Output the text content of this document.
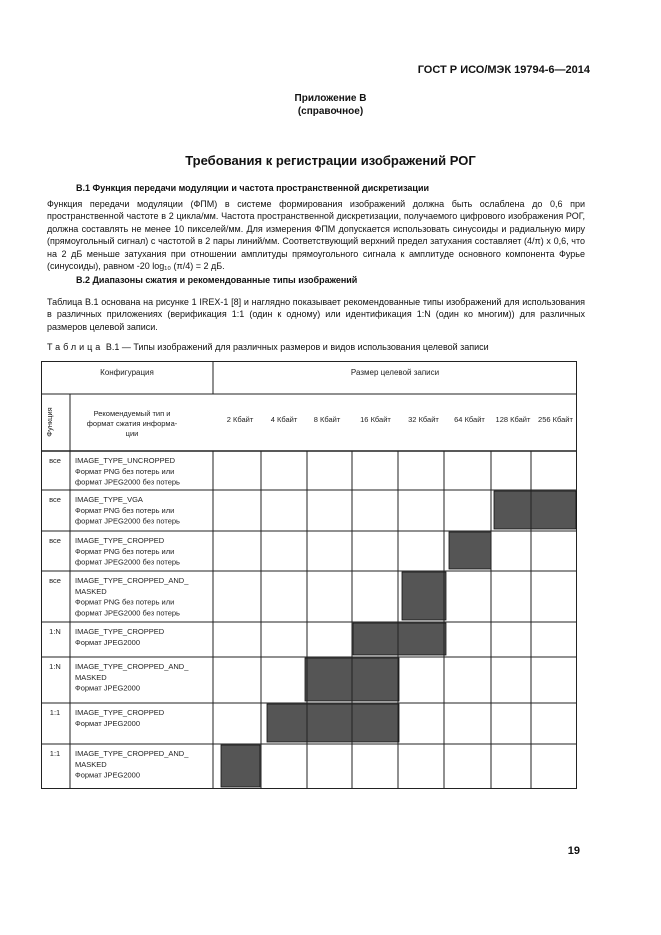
ГОСТ Р ИСО/МЭК 19794-6—2014
Приложение В
(справочное)
Требования к регистрации изображений РОГ
В.1 Функция передачи модуляции и частота пространственной дискретизации
Функция передачи модуляции (ФПМ) в системе формирования изображений должна быть ослаблена до 0,6 при пространственной частоте в 2 цикла/мм. Частота пространственной дискретизации, получаемого цифрового изображения РОГ, должна составлять не менее 10 пикселей/мм. Для измерения ФПМ допускается использовать синусоиды и радиальную миру (прямоугольный сигнал) с частотой в 2 пары линий/мм. Соответствующий верхний предел затухания составляет (4/π) х 0,6, что на 2 дБ меньше затухания при отношении амплитуды прямоугольного сигнала к амплитуде основного компонента Фурье (синусоиды), равном -20 log₁₀ (π/4) = 2 дБ.
В.2 Диапазоны сжатия и рекомендованные типы изображений
Таблица В.1 основана на рисунке 1 IREX-1 [8] и наглядно показывает рекомендованные типы изображений для использования в различных приложениях (верификация 1:1 (один к одному) или идентификация 1:N (один ко многим)) для различных размеров целевой записи.
Таблица В.1 — Типы изображений для различных размеров и видов использования целевой записи
Конфигурация	Размер целевой записи
Функция	Рекомендуемый тип и
формат сжатия информа-
ции
2 Кбайт 4 Кбайт 8 Кбайт	16 Кбайт 32 Кбайт 64 Кбайт 128 Кбайт 256 Кбайт
все IMAGE_TYPE_UNCROPPED
Формат PNG без потерь или
формат JPEG2000 без потерь
все IMAGE_TYPE_VGA
Формат PNG без потерь или
формат JPEG2000 без потерь
все IMAGE_TYPE_CROPPED
Формат PNG без потерь или
формат JPEG2000 без потерь
все IMAGE_TYPE_CROPPED_AND_
MASKED
Формат PNG без потерь или
формат JPEG2000 без потерь
1:N IMAGE_TYPE_CROPPED
Формат JPEG2000
1:N IMAGE_TYPE_CROPPED_AND_
MASKED
Формат JPEG2000
1:1 IMAGE_TYPE_CROPPED
Формат JPEG2000
1:1 IMAGE_TYPE_CROPPED_AND_
MASKED
Формат JPEG2000
19
